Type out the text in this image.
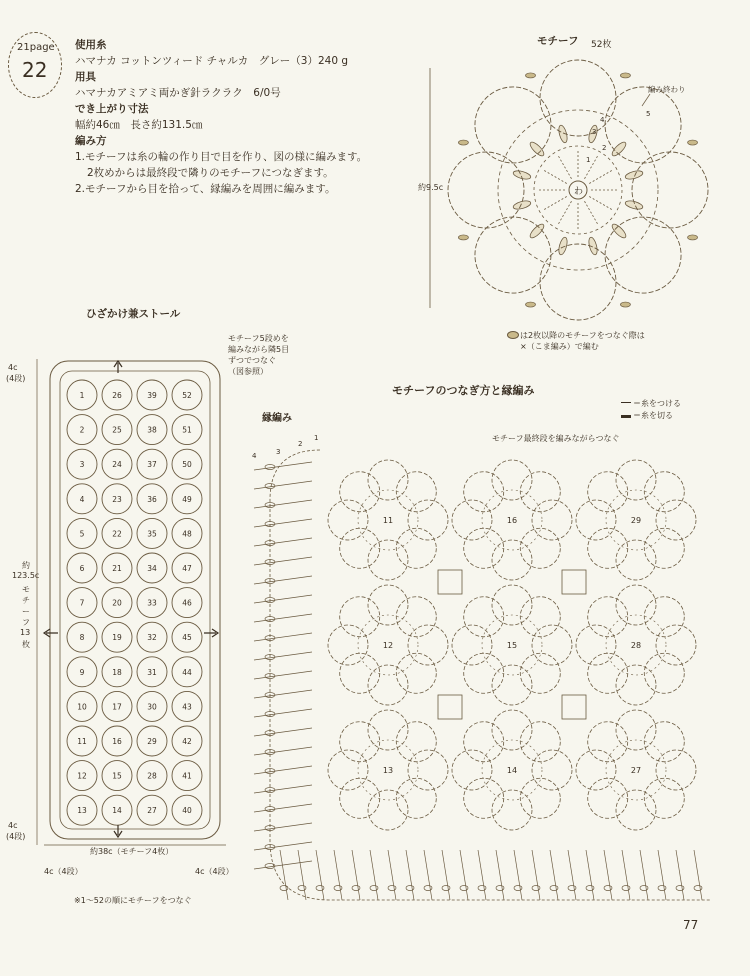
21page
22
使用糸
ハマナカ コットンツィード チャルカ　グレー（3）240 g
用具
ハマナカアミアミ両かぎ針ラクラク　6/0号
でき上がり寸法
幅約46㎝　長さ約131.5㎝
編み方
1.モチーフは糸の輪の作り目で目を作り、図の様に編みます。
2枚めからは最終段で隣りのモチーフにつなぎます。
2.モチーフから目を拾って、縁編みを周囲に編みます。
モチーフ 52枚
わ
約9.5c
編み終わり
4
3
2
1
5
は2枚以降のモチーフをつなぐ際は
×（こま編み）で編む
ひざかけ兼ストール
モチーフ5段めを
編みながら隣5目
ずつでつなぐ
（図参照）
4c
(4段)
約
123.5c
モ
チ
ー
フ
13
枚
4c
(4段)
1	26	39	52
2	25	38	51
3	24	37	50
4	23	36	49
5	22	35	48
6	21	34	47
7	20	33	46
8	19	32	45
9	18	31	44
10	17	30	43
11	16	29	42
12	15	28	41
13	14	27	40
約38c（モチーフ4枚）
4c（4段）	4c（4段）
※1〜52の順にモチーフをつなぐ
モチーフのつなぎ方と縁編み
＝糸をつける
＝糸を切る
縁編み
モチーフ最終段を編みながらつなぐ
11	16	29
12	15	28
13	14	27
4	3
2
1
77
